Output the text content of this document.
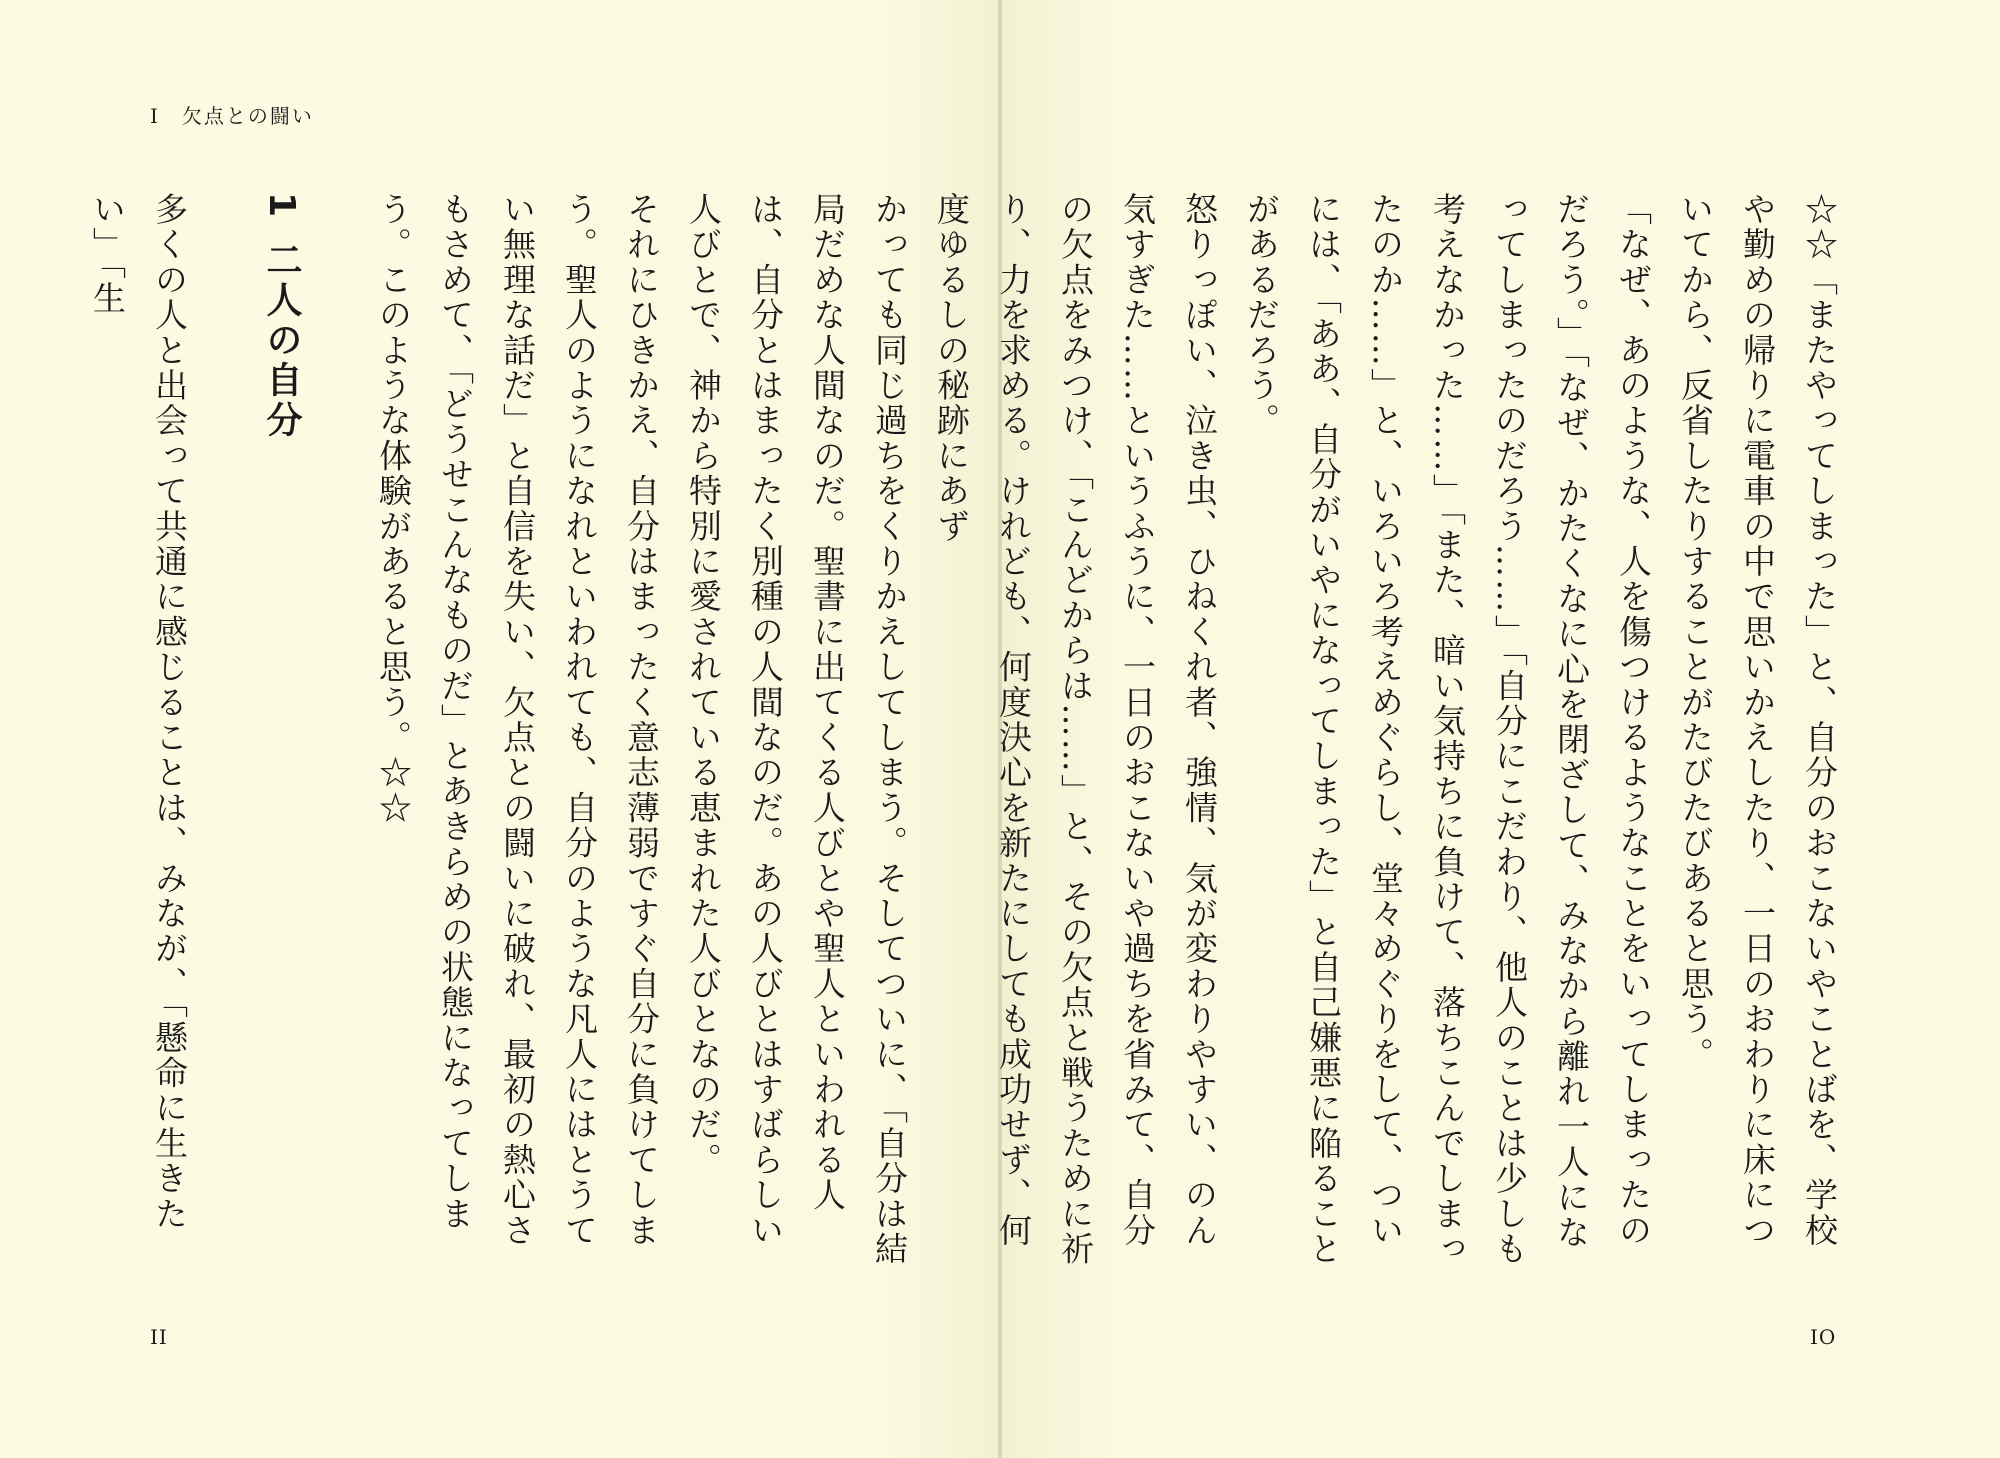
I　欠点との闘い

かっても同じ過ちをくりかえしてしまう。そしてついに、「自分は結局だめな人間なのだ。聖書に出てくる人びとや聖人といわれる人は、自分とはまったく別種の人間なのだ。あの人びとはすばらしい人びとで、神から特別に愛されている恵まれた人びとなのだ。

それにひきかえ、自分はまったく意志薄弱ですぐ自分に負けてしまう。聖人のようになれといわれても、自分のような凡人にはとうてい無理な話だ」と自信を失い、欠点との闘いに破れ、最初の熱心さもさめて、「どうせこんなものだ」とあきらめの状態になってしまう。このような体験があると思う。☆☆

1二人の自分

多くの人と出会って共通に感じることは、みなが、「懸命に生きたい」「生

II

☆☆「またやってしまった」と、自分のおこないやことばを、学校や勤めの帰りに電車の中で思いかえしたり、一日のおわりに床についてから、反省したりすることがたびたびあると思う。

「なぜ、あのような、人を傷つけるようなことをいってしまったのだろう。」「なぜ、かたくなに心を閉ざして、みなから離れ一人になってしまったのだろう……」「自分にこだわり、他人のことは少しも考えなかった……」「また、暗い気持ちに負けて、落ちこんでしまったのか……」と、いろいろ考えめぐらし、堂々めぐりをして、ついには、「ああ、自分がいやになってしまった」と自己嫌悪に陥ることがあるだろう。

怒りっぽい、泣き虫、ひねくれ者、強情、気が変わりやすい、のん気すぎた……というふうに、一日のおこないや過ちを省みて、自分の欠点をみつけ、「こんどからは……」と、その欠点と戦うために祈り、力を求める。けれども、何度決心を新たにしても成功せず、何度ゆるしの秘跡にあず

IO
